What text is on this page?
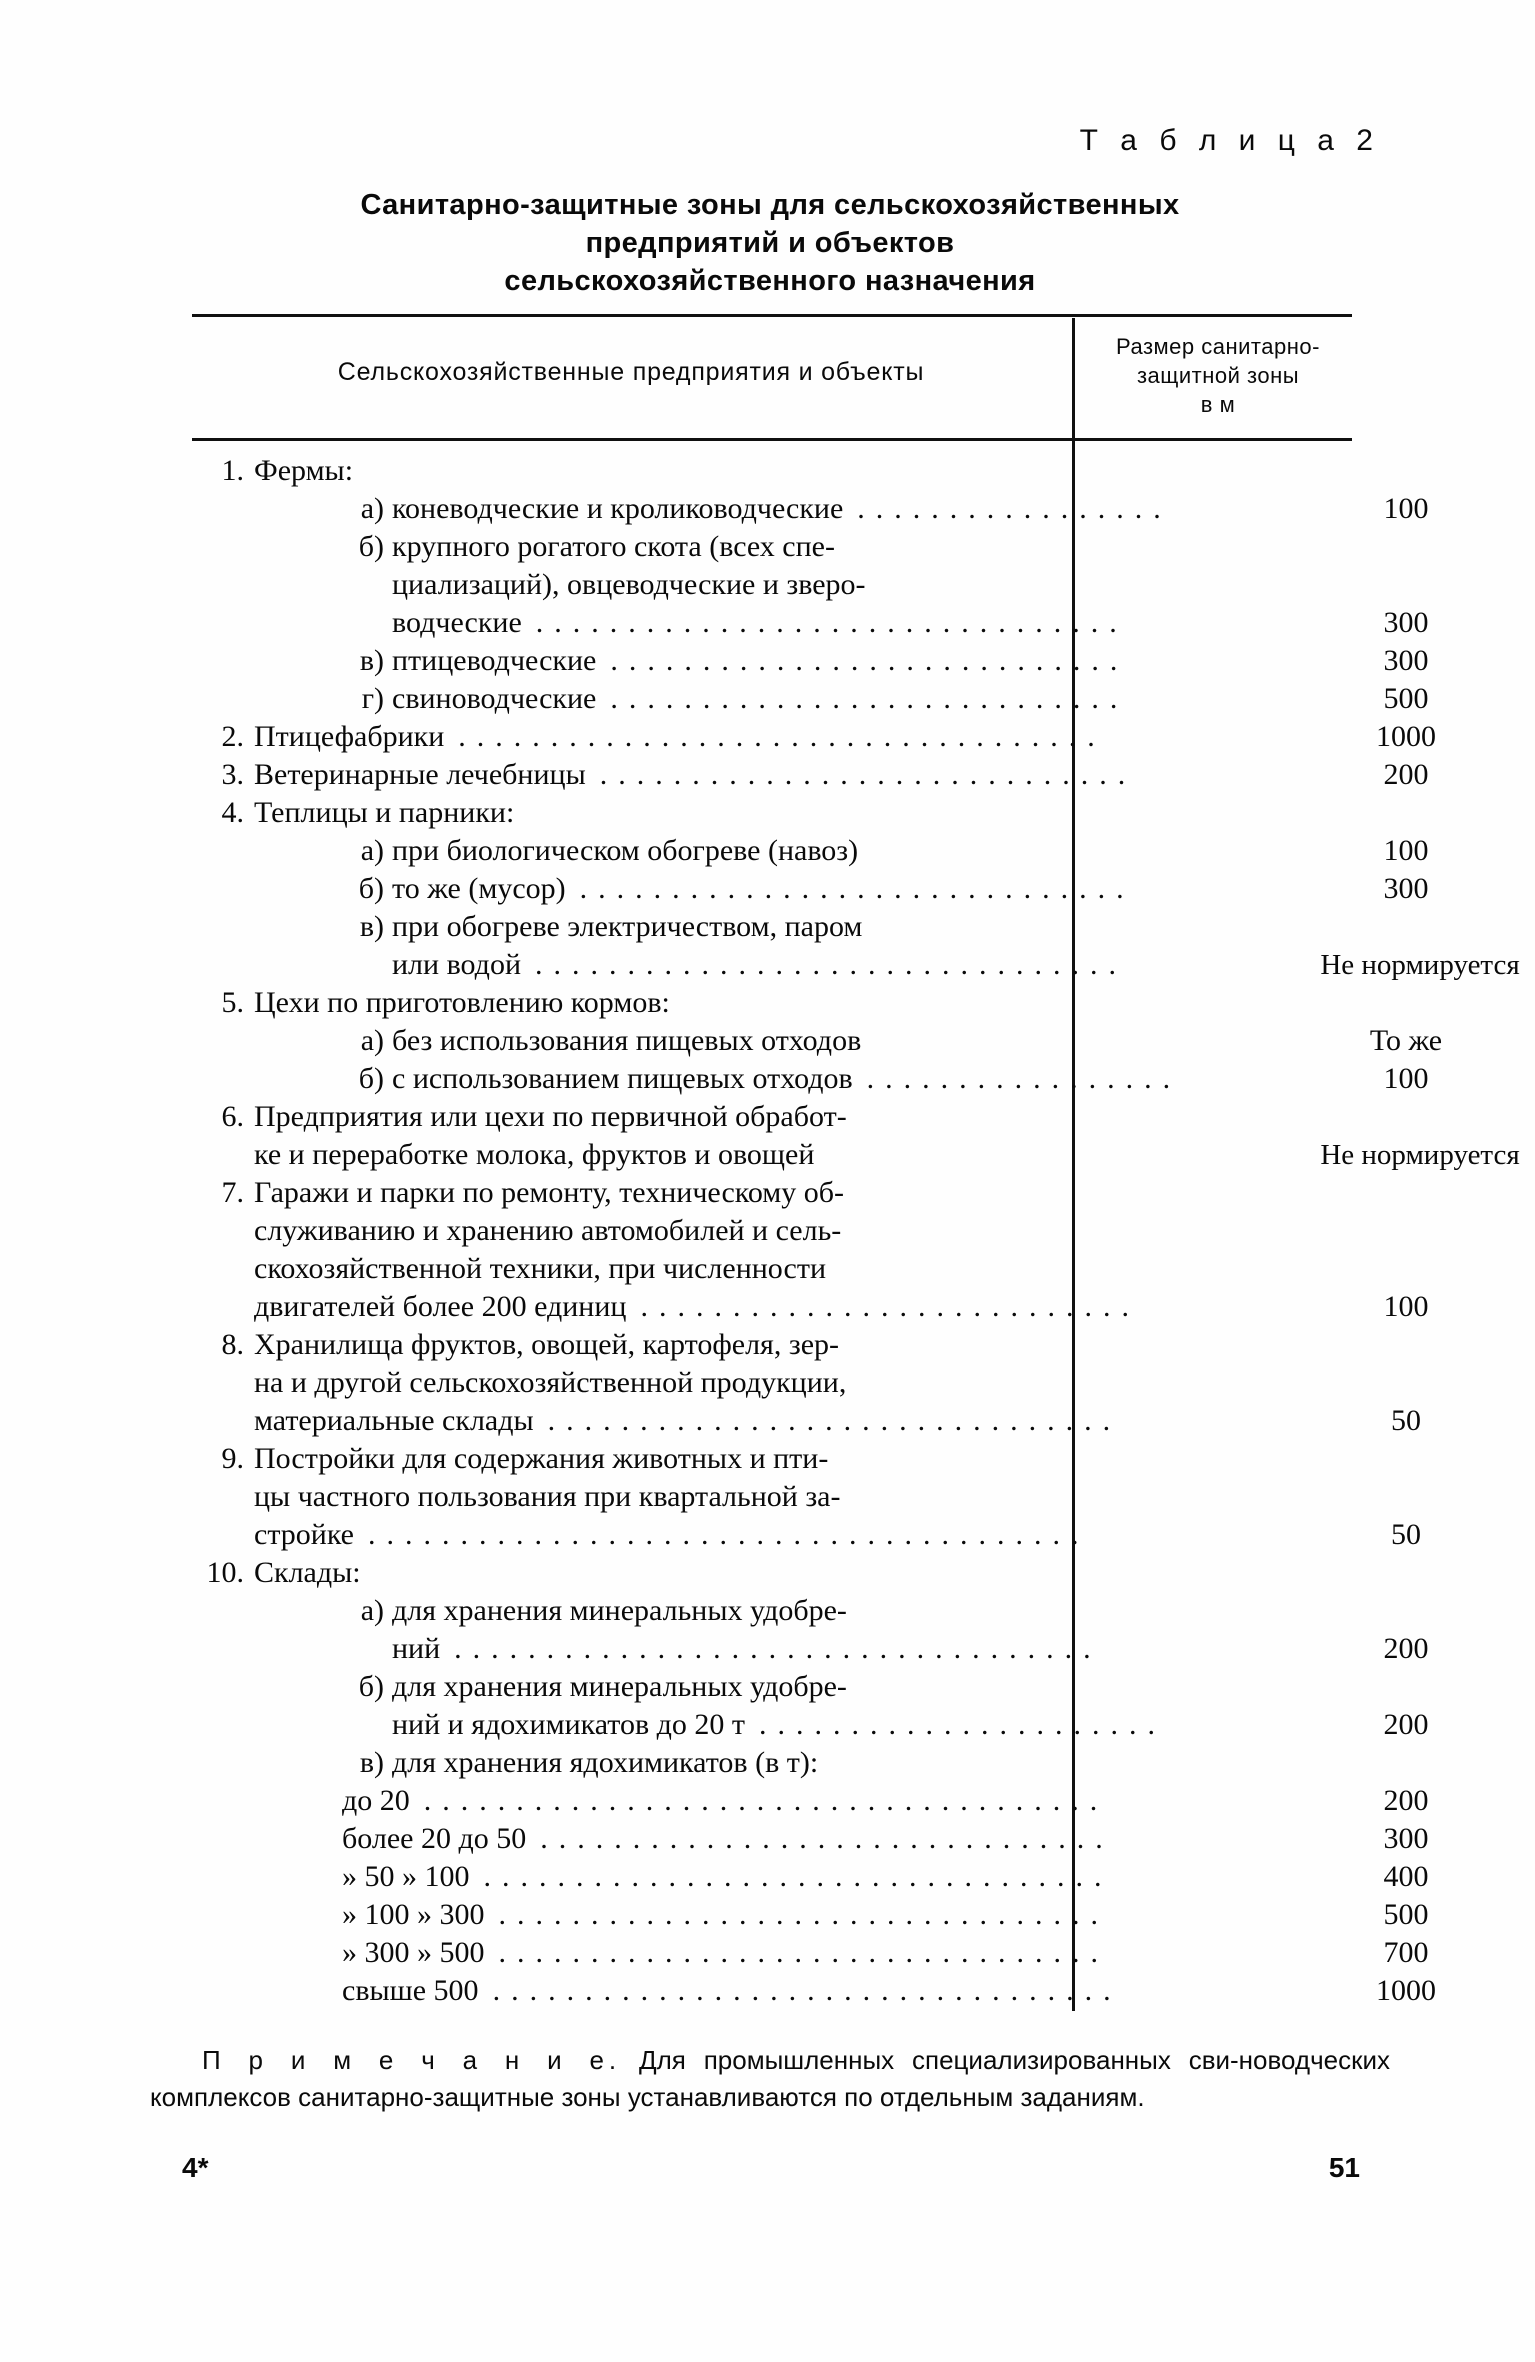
Т а б л и ц а 2
Санитарно-защитные зоны для сельскохозяйственных
предприятий и объектов
сельскохозяйственного назначения
Сельскохозяйственные предприятия и объекты
Размер санитарно-
защитной зоны
в м
1. Фермы:
а) коневодческие и кролиководческие	100
.................
б) крупного рогатого скота (всех спе-
циализаций), овцеводческие и зверо-
водческие	300
................................
в) птицеводческие	300
............................
г) свиноводческие	500
............................
2. Птицефабрики	1000
...................................
3. Ветеринарные лечебницы	200
.............................
4. Теплицы и парники:
а) при биологическом обогреве (навоз)	100
б) то же (мусор)	300
..............................
в) при обогреве электричеством, паром
или водой	Не нормируется
................................
5. Цехи по приготовлению кормов:
а) без использования пищевых отходов	То же
б) с использованием пищевых отходов	100
.................
6. Предприятия или цехи по первичной обработ-
ке и переработке молока, фруктов и овощей	Не нормируется
7. Гаражи и парки по ремонту, техническому об-
служиванию и хранению автомобилей и сель-
скохозяйственной техники, при численности
двигателей более 200 единиц	100
...........................
8. Хранилища фруктов, овощей, картофеля, зер-
на и другой сельскохозяйственной продукции,
материальные склады	50
...............................
9. Постройки для содержания животных и пти-
цы частного пользования при квартальной за-
стройке	50
.......................................
10. Склады:
а) для хранения минеральных удобре-
ний	200
...................................
б) для хранения минеральных удобре-
ний и ядохимикатов до 20 т	200
......................
в) для хранения ядохимикатов (в т):
до 20	200
.....................................
более 20 до 50	300
...............................
» 50 » 100	400
..................................
» 100 » 300	500
.................................
» 300 » 500	700
.................................
свыше 500	1000
..................................

П р и м е ч а н и е. Для промышленных специализированных сви-новодческих комплексов санитарно-защитные зоны устанавливаются по отдельным заданиям.

4*	51
